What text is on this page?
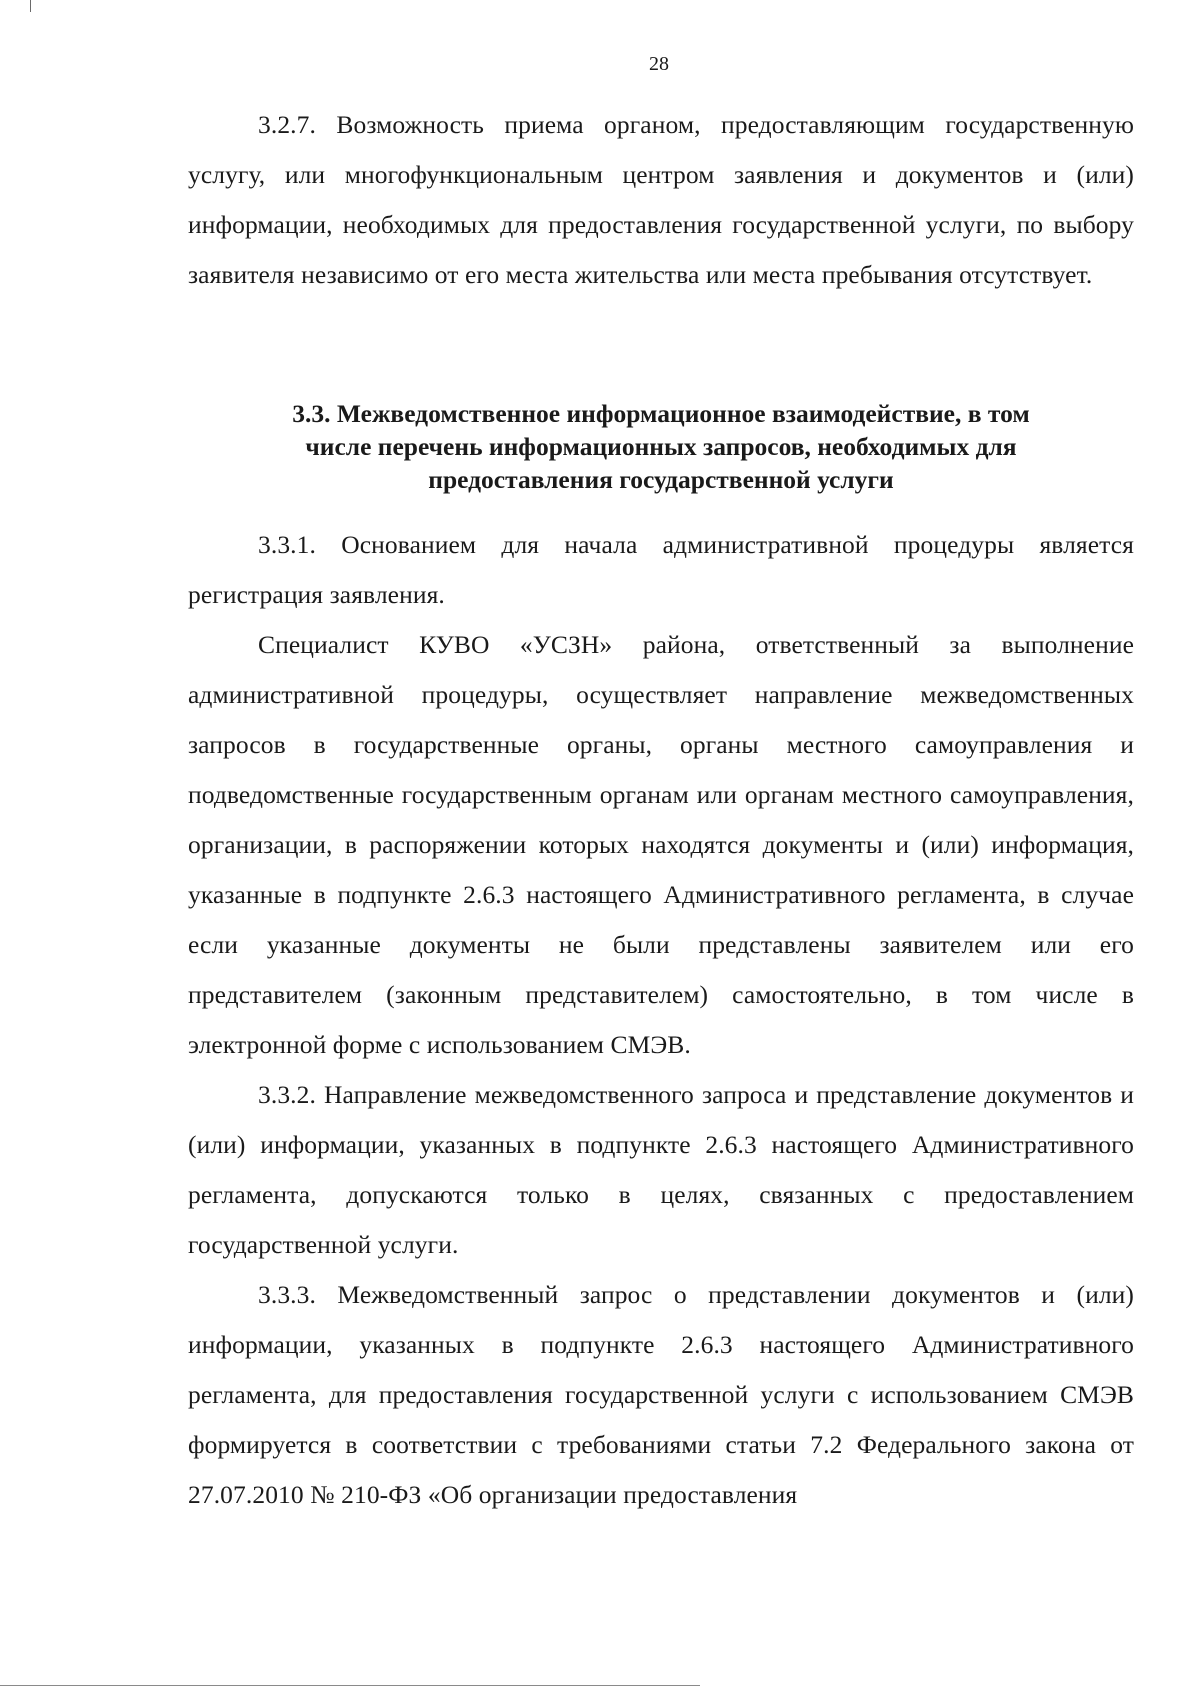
28

3.2.7. Возможность приема органом, предоставляющим государственную услугу, или многофункциональным центром заявления и документов и (или) информации, необходимых для предоставления государственной услуги, по выбору заявителя независимо от его места жительства или места пребывания отсутствует.

3.3. Межведомственное информационное взаимодействие, в том
числе перечень информационных запросов, необходимых для
предоставления государственной услуги

3.3.1. Основанием для начала административной процедуры является регистрация заявления.

Специалист КУВО «УСЗН» района, ответственный за выполнение административной процедуры, осуществляет направление межведомственных запросов в государственные органы, органы местного самоуправления и подведомственные государственным органам или органам местного самоуправления, организации, в распоряжении которых находятся документы и (или) информация, указанные в подпункте 2.6.3 настоящего Административного регламента, в случае если указанные документы не были представлены заявителем или его представителем (законным представителем) самостоятельно, в том числе в электронной форме с использованием СМЭВ.

3.3.2. Направление межведомственного запроса и представление документов и (или) информации, указанных в подпункте 2.6.3 настоящего Административного регламента, допускаются только в целях, связанных с предоставлением государственной услуги.

3.3.3. Межведомственный запрос о представлении документов и (или) информации, указанных в подпункте 2.6.3 настоящего Административного регламента, для предоставления государственной услуги с использованием СМЭВ формируется в соответствии с требованиями статьи 7.2 Федерального закона от 27.07.2010 № 210-ФЗ «Об организации предоставления
